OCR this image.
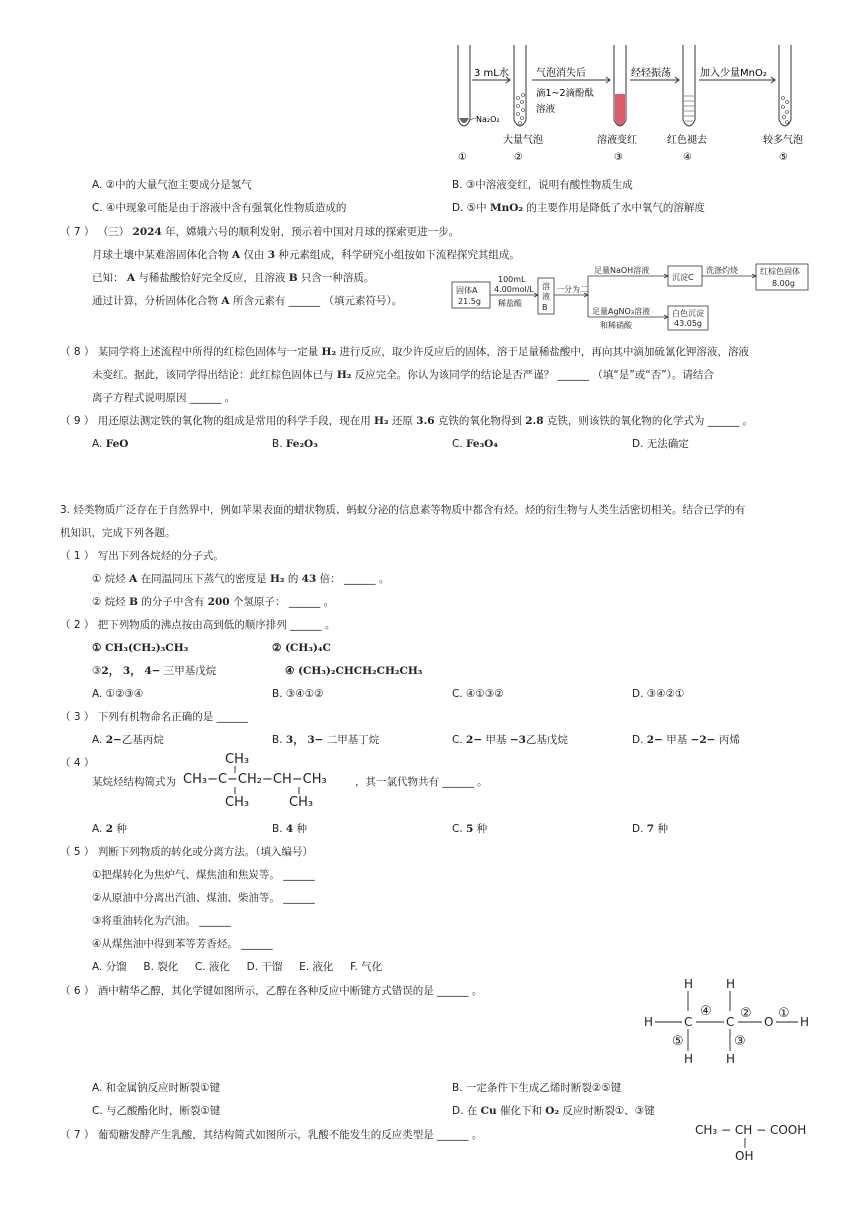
3 mL水
Na₂O₂
气泡消失后
滴1~2滴酚酞
溶液
经轻振荡	加入少量MnO₂
大量气泡	溶液变红	红色褪去	较多气泡
①	②	③	④	⑤
A. ②中的大量气泡主要成分是氢气	B. ③中溶液变红，说明有酸性物质生成
C. ④中现象可能是由于溶液中含有强氧化性物质造成的	D. ⑤中 MnO₂ 的主要作用是降低了水中氧气的溶解度
（ 7 ） （三） 2024 年，嫦娥六号的顺利发射，预示着中国对月球的探索更进一步。
月球土壤中某难溶固体化合物 A 仅由 3 种元素组成，科学研究小组按如下流程探究其组成。
已知： A 与稀盐酸恰好完全反应，且溶液 B 只含一种溶质。
通过计算，分析固体化合物 A 所含元素有 ______ （填元素符号）。
固体A
21.5g
100mL
4.00mol/L
稀盐酸
溶
液
B
一分为二
足量NaOH溶液
沉淀C
洗涤灼烧	红棕色固体
8.00g
足量AgNO₃溶液
和稀硝酸
白色沉淀
43.05g
（ 8 ） 某同学将上述流程中所得的红棕色固体与一定量 H₂ 进行反应，取少许反应后的固体，溶于足量稀盐酸中，再向其中滴加硫氰化钾溶液，溶液
未变红。据此，该同学得出结论：此红棕色固体已与 H₂ 反应完全。你认为该同学的结论是否严谨？ ______ （填“是”或“否”）。请结合
离子方程式说明原因 ______ 。
（ 9 ） 用还原法测定铁的氧化物的组成是常用的科学手段，现在用 H₂ 还原 3.6 克铁的氧化物得到 2.8 克铁，则该铁的氧化物的化学式为 ______ 。
A. FeO	B. Fe₂O₃	C. Fe₃O₄	D. 无法确定
3. 烃类物质广泛存在于自然界中，例如苹果表面的蜡状物质、蚂蚁分泌的信息素等物质中都含有烃。烃的衍生物与人类生活密切相关。结合已学的有
机知识，完成下列各题。
（ 1 ） 写出下列各烷烃的分子式。
① 烷烃 A 在同温同压下蒸气的密度是 H₂ 的 43 倍： ______ 。
② 烷烃 B 的分子中含有 200 个氢原子： ______ 。
（ 2 ） 把下列物质的沸点按由高到低的顺序排列 ______ 。
① CH₃(CH₂)₃CH₃	② (CH₃)₄C
③2， 3， 4− 三甲基戊烷	④ (CH₃)₂CHCH₂CH₂CH₃
A. ①②③④	B. ③④①②	C. ④①③②	D. ③④②①
（ 3 ） 下列有机物命名正确的是 ______
A. 2−乙基丙烷	B. 3， 3− 二甲基丁烷	C. 2− 甲基 −3乙基戊烷	D. 2− 甲基 −2− 丙烯
（ 4 ）
某烷烃结构简式为
CH₃
CH₃−C−CH₂−CH−CH₃
CH₃	CH₃
，其一氯代物共有 ______ 。
A. 2 种	B. 4 种	C. 5 种	D. 7 种
（ 5 ） 判断下列物质的转化或分离方法。（填入编号）
①把煤转化为焦炉气、煤焦油和焦炭等。 ______
②从原油中分离出汽油、煤油、柴油等。 ______
③将重油转化为汽油。 ______
④从煤焦油中得到苯等芳香烃。 ______
A. 分馏     B. 裂化     C. 液化     D. 干馏     E. 液化     F. 气化
（ 6 ） 酒中精华乙醇，其化学键如图所示，乙醇在各种反应中断键方式错误的是 ______ 。
H	C	C O H
H	H
H	H
①
②
③
④
⑤
A. 和金属钠反应时断裂①键	B. 一定条件下生成乙烯时断裂②⑤键
C. 与乙酸酯化时，断裂①键	D. 在 Cu 催化下和 O₂ 反应时断裂①、③键
（ 7 ） 葡萄糖发酵产生乳酸，其结构简式如图所示，乳酸不能发生的反应类型是 ______ 。	CH₃ − CH − COOH
OH
